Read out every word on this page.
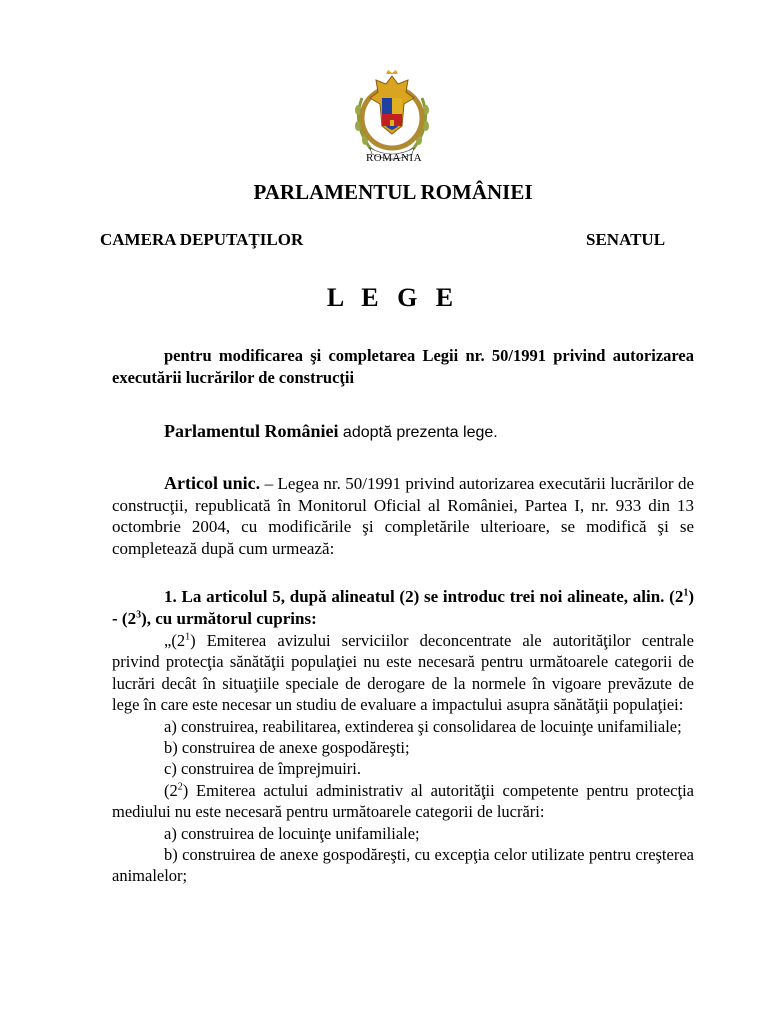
ROMANIA
PARLAMENTUL ROMÂNIEI
CAMERA DEPUTAŢILOR	SENATUL
L E G E
pentru modificarea şi completarea Legii nr. 50/1991 privind autorizarea executării lucrărilor de construcţii
Parlamentul României adoptă prezenta lege.
Articol unic. – Legea nr. 50/1991 privind autorizarea executării lucrărilor de construcţii, republicată în Monitorul Oficial al României, Partea I, nr. 933 din 13 octombrie 2004, cu modificările şi completările ulterioare, se modifică şi se completează după cum urmează:
1. La articolul 5, după alineatul (2) se introduc trei noi alineate, alin. $(2^1) - (2^3)$, cu următorul cuprins:

$„(2^1)$ Emiterea avizului serviciilor deconcentrate ale autorităţilor centrale privind protecţia sănătăţii populaţiei nu este necesară pentru următoarele categorii de lucrări decât în situaţiile speciale de derogare de la normele în vigoare prevăzute de lege în care este necesar un studiu de evaluare a impactului asupra sănătăţii populaţiei:

a) construirea, reabilitarea, extinderea şi consolidarea de locuinţe unifamiliale;

b) construirea de anexe gospodăreşti;

c) construirea de împrejmuiri.

$(2^2)$ Emiterea actului administrativ al autorităţii competente pentru protecţia mediului nu este necesară pentru următoarele categorii de lucrări:

a) construirea de locuinţe unifamiliale;

b) construirea de anexe gospodăreşti, cu excepţia celor utilizate pentru creşterea animalelor;
